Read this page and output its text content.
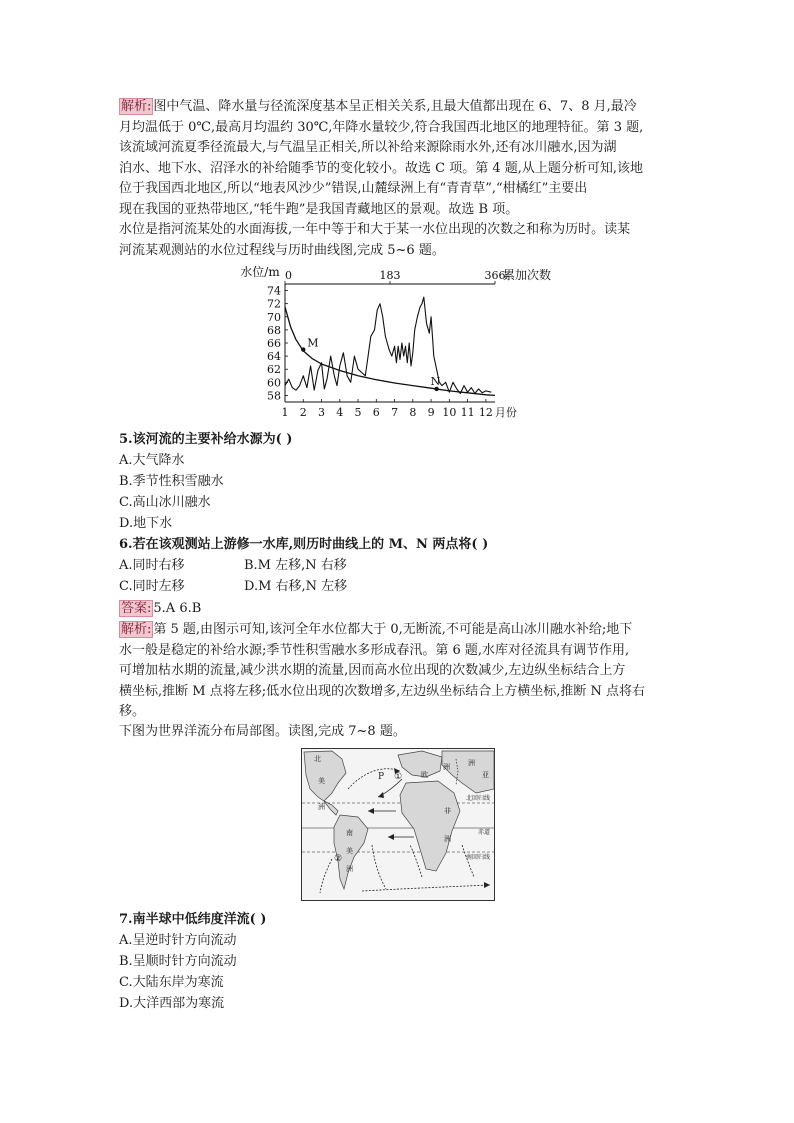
解析: 图中气温、降水量与径流深度基本呈正相关关系,且最大值都出现在 6、7、8 月,最冷
月均温低于 0℃,最高月均温约 30℃,年降水量较少,符合我国西北地区的地理特征。第 3 题,
该流域河流夏季径流最大,与气温呈正相关,所以补给来源除雨水外,还有冰川融水,因为湖
泊水、地下水、沼泽水的补给随季节的变化较小。故选 C 项。第 4 题,从上题分析可知,该地
位于我国西北地区,所以“地表风沙少”错误,山麓绿洲上有“青青草”,“柑橘红”主要出
现在我国的亚热带地区,“牦牛跑”是我国青藏地区的景观。故选 B 项。
水位是指河流某处的水面海拔,一年中等于和大于某一水位出现的次数之和称为历时。读某
河流某观测站的水位过程线与历时曲线图,完成 5~6 题。
74
72
70
68
66
64
62
60
58
水位/m 0	183	366
累加次数
1 2 3 4 5 6 7 8 9 10 11 12 月份
M
N
5.该河流的主要补给水源为( )
A.大气降水
B.季节性积雪融水
C.高山冰川融水
D.地下水
6.若在该观测站上游修一水库,则历时曲线上的 M、N 两点将( )
A.同时右移	B.M 左移,N 右移
C.同时左移	D.M 右移,N 左移
答案: 5.A 6.B
解析: 第 5 题,由图示可知,该河全年水位都大于 0,无断流,不可能是高山冰川融水补给;地下
水一般是稳定的补给水源;季节性积雪融水多形成春汛。第 6 题,水库对径流具有调节作用,
可增加枯水期的流量,减少洪水期的流量,因而高水位出现的次数减少,左边纵坐标结合上方
横坐标,推断 M 点将左移;低水位出现的次数增多,左边纵坐标结合上方横坐标,推断 N 点将右
移。
下图为世界洋流分布局部图。读图,完成 7~8 题。
北
美
洲
P ①	欧
洲	洲
亚
非
洲
北回归线
赤道
南回归线
南
美
洲
②
7.南半球中低纬度洋流( )
A.呈逆时针方向流动
B.呈顺时针方向流动
C.大陆东岸为寒流
D.大洋西部为寒流
